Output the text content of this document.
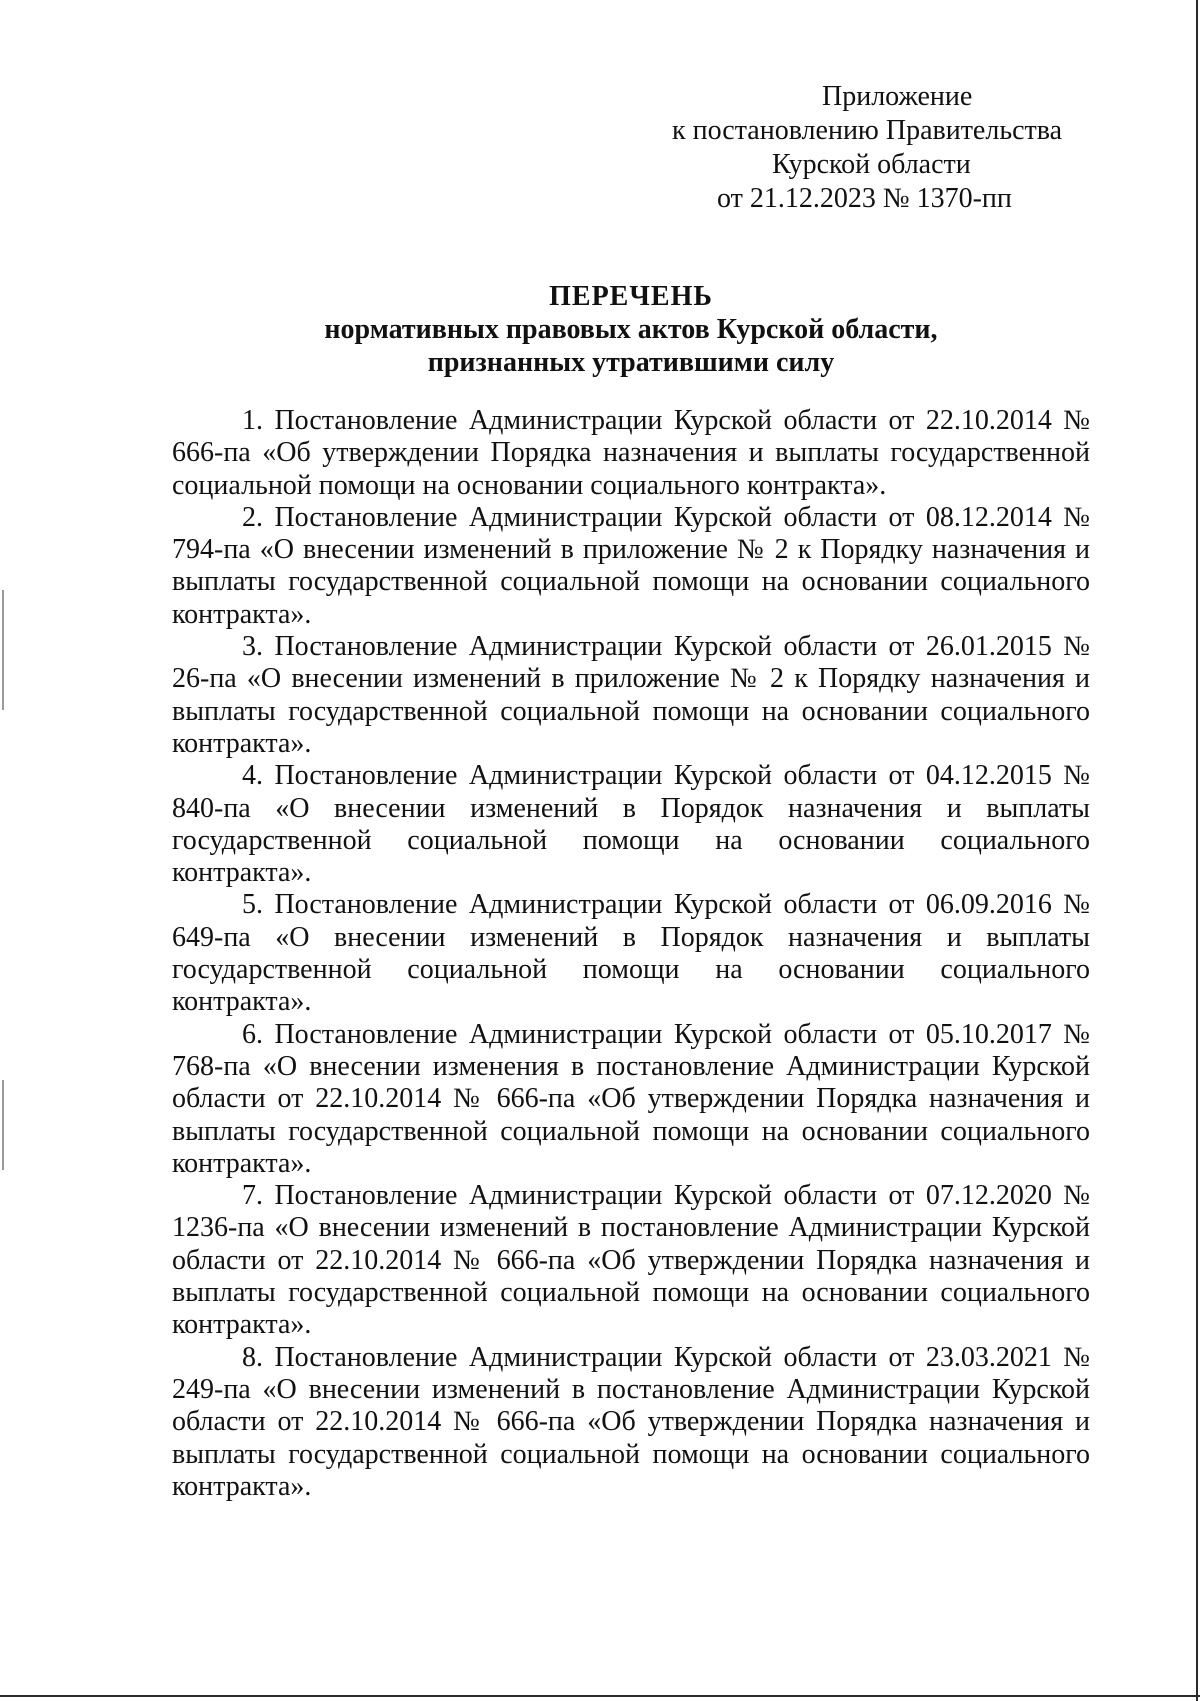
Приложение
к постановлению Правительства
Курской области
от 21.12.2023 № 1370-пп
ПЕРЕЧЕНЬ
нормативных правовых актов Курской области,
признанных утратившими силу

1. Постановление Администрации Курской области от 22.10.2014 № 666-па «Об утверждении Порядка назначения и выплаты государственной социальной помощи на основании социального контракта».

2. Постановление Администрации Курской области от 08.12.2014 № 794-па «О внесении изменений в приложение № 2 к Порядку назначения и выплаты государственной социальной помощи на основании социального контракта».

3. Постановление Администрации Курской области от 26.01.2015 № 26-па «О внесении изменений в приложение № 2 к Порядку назначения и выплаты государственной социальной помощи на основании социального контракта».

4. Постановление Администрации Курской области от 04.12.2015 № 840-па «О внесении изменений в Порядок назначения и выплаты государственной социальной помощи на основании социального контракта».

5. Постановление Администрации Курской области от 06.09.2016 № 649-па «О внесении изменений в Порядок назначения и выплаты государственной социальной помощи на основании социального контракта».

6. Постановление Администрации Курской области от 05.10.2017 № 768-па «О внесении изменения в постановление Администрации Курской области от 22.10.2014 № 666-па «Об утверждении Порядка назначения и выплаты государственной социальной помощи на основании социального контракта».

7. Постановление Администрации Курской области от 07.12.2020 № 1236-па «О внесении изменений в постановление Администрации Курской области от 22.10.2014 № 666-па «Об утверждении Порядка назначения и выплаты государственной социальной помощи на основании социального контракта».

8. Постановление Администрации Курской области от 23.03.2021 № 249-па «О внесении изменений в постановление Администрации Курской области от 22.10.2014 № 666-па «Об утверждении Порядка назначения и выплаты государственной социальной помощи на основании социального контракта».
